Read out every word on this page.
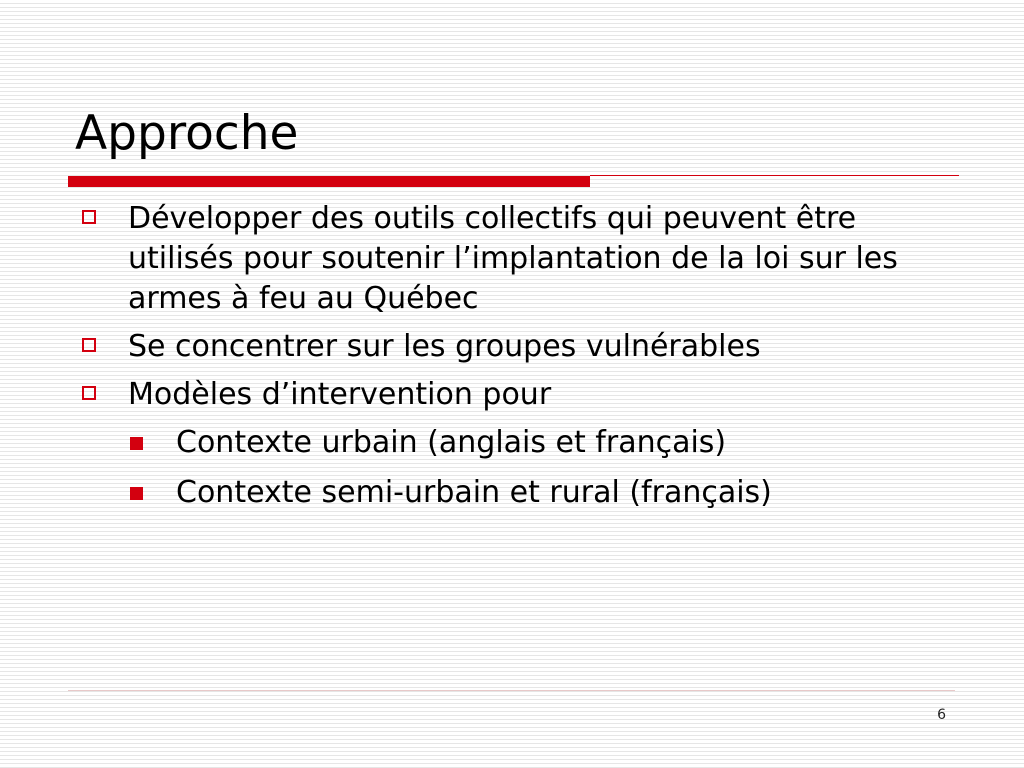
Approche
Développer des outils collectifs qui peuvent être utilisés pour soutenir l’implantation de la loi sur les armes à feu au Québec
Se concentrer sur les groupes vulnérables
Modèles d’intervention pour
Contexte urbain (anglais et français)
Contexte semi-urbain et rural (français)
6
